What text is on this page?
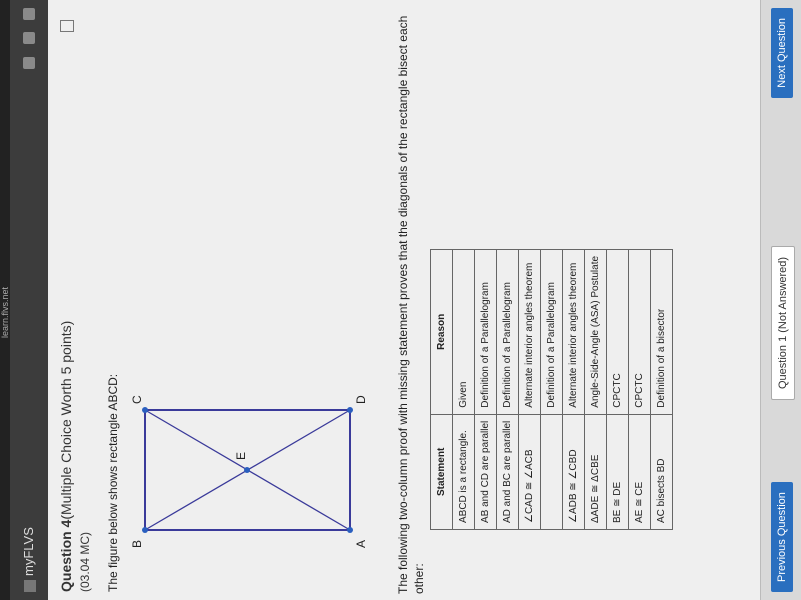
learn.flvs.net
myFLVS
Question 4(Multiple Choice Worth 5 points)
(03.04 MC) The figure below shows rectangle ABCD: B
C	D
A
E	The following two-column proof with missing statement proves that the diagonals of the rectangle bisect each other:
Statement	Reason
ABCD is a rectangle.	Given
AB and CD are parallel	Definition of a Parallelogram
AD and BC are parallel	Definition of a Parallelogram
∠CAD ≅ ∠ACB	Alternate interior angles theorem
	Definition of a Parallelogram
∠ADB ≅ ∠CBD	Alternate interior angles theorem
ΔADE ≅ ΔCBE	Angle-Side-Angle (ASA) Postulate
BE ≅ DE	CPCTC
AE ≅ CE	CPCTC
AC bisects BD	Definition of a bisector
Previous Question
Question 1 (Not Answered)
Next Question
